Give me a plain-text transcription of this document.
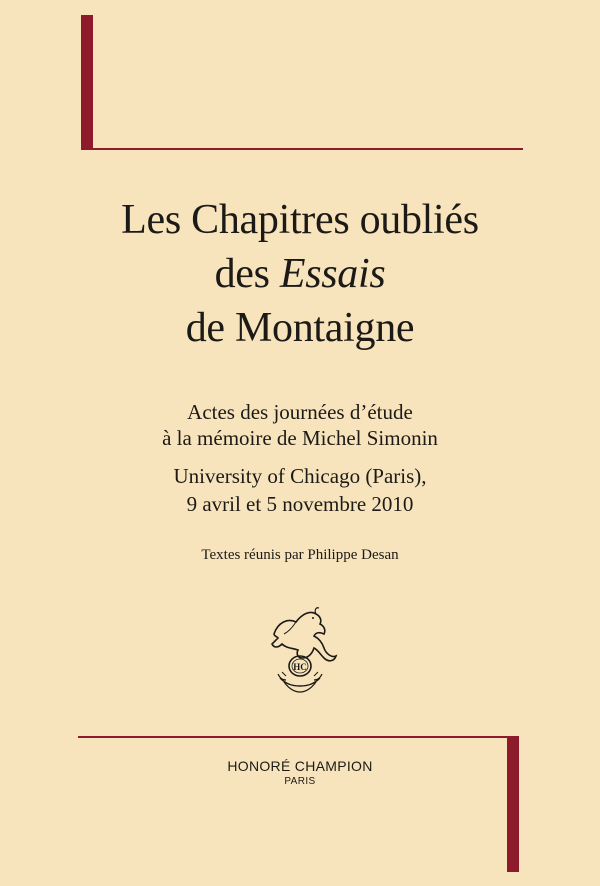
Les Chapitres oubliés
des Essais
de Montaigne
Actes des journées d’étude
à la mémoire de Michel Simonin
University of Chicago (Paris),
9 avril et 5 novembre 2010
Textes réunis par Philippe Desan
HC
HONORÉ CHAMPION
PARIS
